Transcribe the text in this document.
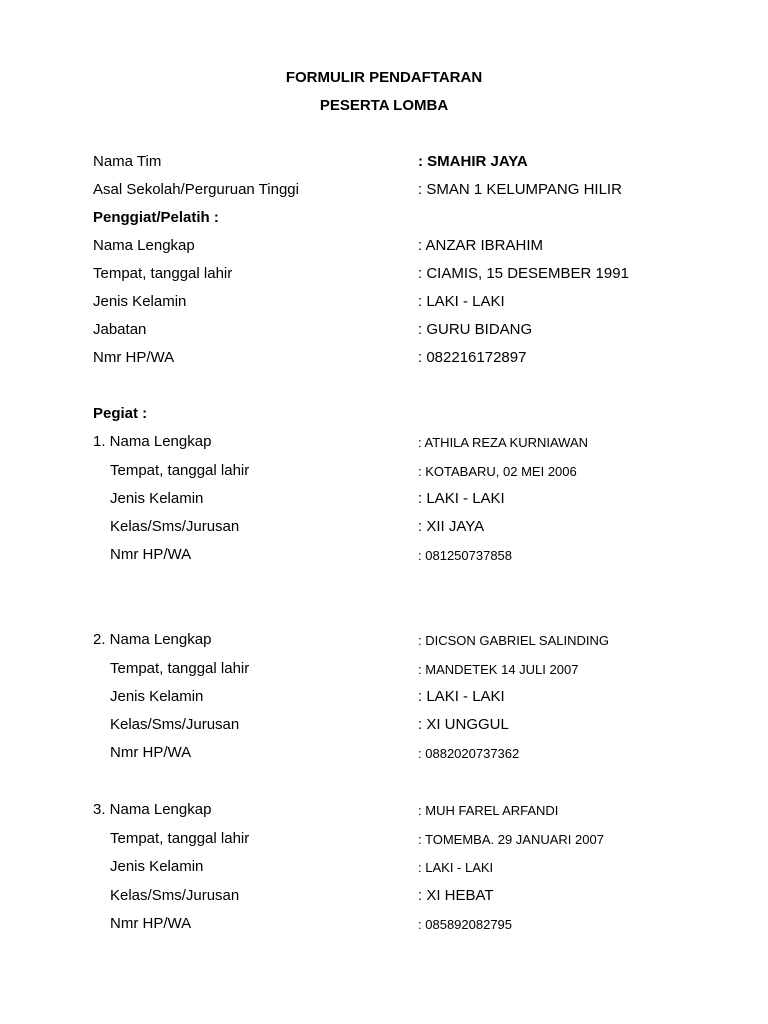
FORMULIR PENDAFTARAN
PESERTA LOMBA
Nama Tim	: SMAHIR JAYA
Asal Sekolah/Perguruan Tinggi	: SMAN 1 KELUMPANG HILIR
Penggiat/Pelatih :
Nama Lengkap	: ANZAR IBRAHIM
Tempat, tanggal lahir	: CIAMIS, 15 DESEMBER 1991
Jenis Kelamin	: LAKI - LAKI
Jabatan	: GURU BIDANG
Nmr HP/WA	: 082216172897
Pegiat :
1. Nama Lengkap	: ATHILA REZA KURNIAWAN
Tempat, tanggal lahir	: KOTABARU, 02 MEI 2006
Jenis Kelamin	: LAKI - LAKI
Kelas/Sms/Jurusan	: XII JAYA
Nmr HP/WA	: 081250737858
2. Nama Lengkap	: DICSON GABRIEL SALINDING
Tempat, tanggal lahir	: MANDETEK 14 JULI 2007
Jenis Kelamin	: LAKI - LAKI
Kelas/Sms/Jurusan	: XI UNGGUL
Nmr HP/WA	: 0882020737362
3. Nama Lengkap	: MUH FAREL ARFANDI
Tempat, tanggal lahir	: TOMEMBA. 29 JANUARI 2007
Jenis Kelamin	: LAKI - LAKI
Kelas/Sms/Jurusan	: XI HEBAT
Nmr HP/WA	: 085892082795
